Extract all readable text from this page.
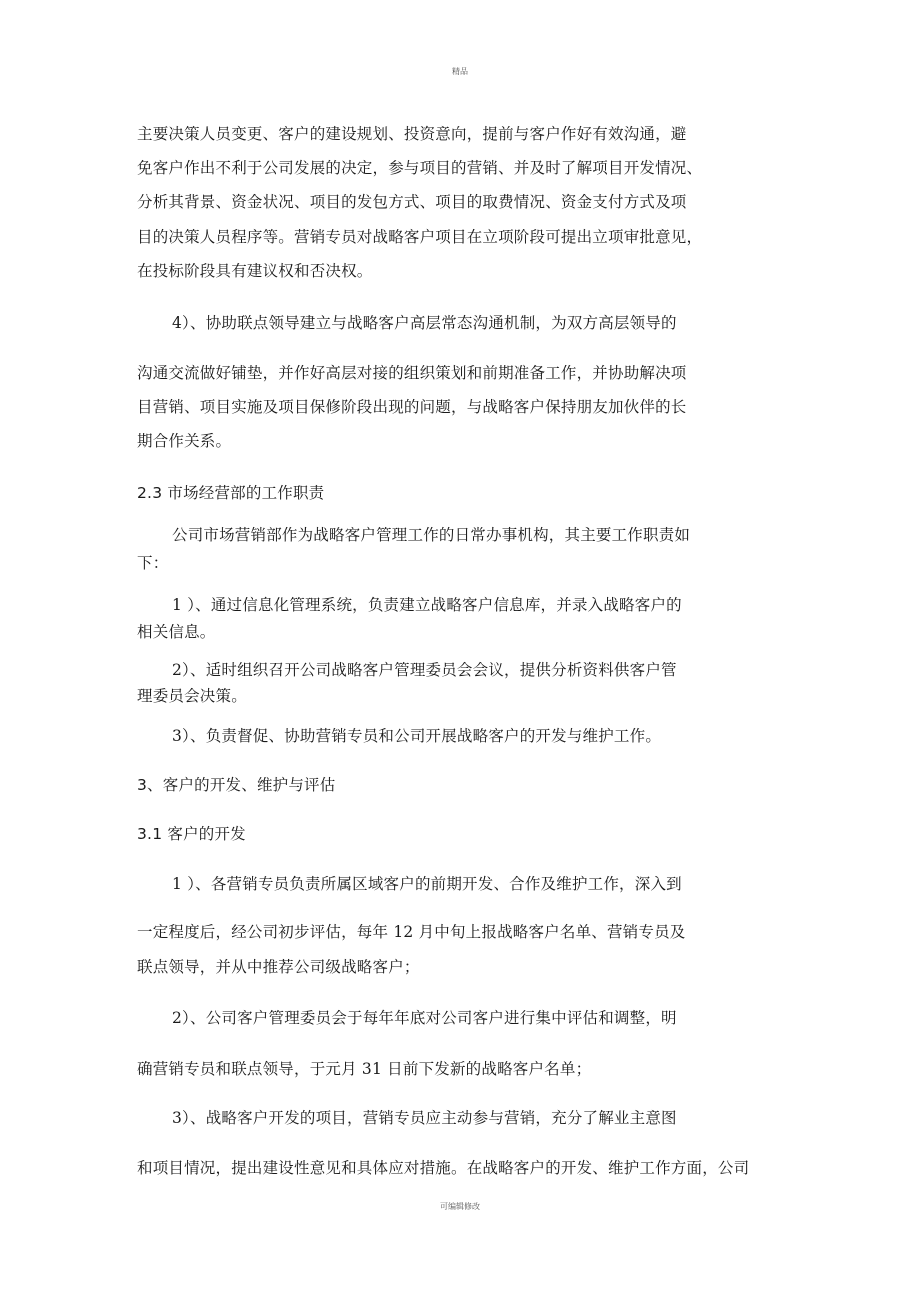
精品
主要决策人员变更、客户的建设规划、投资意向，提前与客户作好有效沟通，避
免客户作出不利于公司发展的决定，参与项目的营销、并及时了解项目开发情况、
分析其背景、资金状况、项目的发包方式、项目的取费情况、资金支付方式及项
目的决策人员程序等。营销专员对战略客户项目在立项阶段可提出立项审批意见，
在投标阶段具有建议权和否决权。
4）、协助联点领导建立与战略客户高层常态沟通机制，为双方高层领导的
沟通交流做好铺垫，并作好高层对接的组织策划和前期准备工作，并协助解决项
目营销、项目实施及项目保修阶段出现的问题，与战略客户保持朋友加伙伴的长
期合作关系。
2.3 市场经营部的工作职责
公司市场营销部作为战略客户管理工作的日常办事机构，其主要工作职责如
下：
1 ）、通过信息化管理系统，负责建立战略客户信息库，并录入战略客户的
相关信息。
2）、适时组织召开公司战略客户管理委员会会议，提供分析资料供客户管
理委员会决策。
3）、负责督促、协助营销专员和公司开展战略客户的开发与维护工作。
3、客户的开发、维护与评估
3.1 客户的开发
1 ）、各营销专员负责所属区域客户的前期开发、合作及维护工作，深入到
一定程度后，经公司初步评估，每年 12 月中旬上报战略客户名单、营销专员及
联点领导，并从中推荐公司级战略客户；
2）、公司客户管理委员会于每年年底对公司客户进行集中评估和调整，明
确营销专员和联点领导，于元月 31 日前下发新的战略客户名单；
3）、战略客户开发的项目，营销专员应主动参与营销，充分了解业主意图
和项目情况，提出建设性意见和具体应对措施。在战略客户的开发、维护工作方面，公司
可编辑修改
